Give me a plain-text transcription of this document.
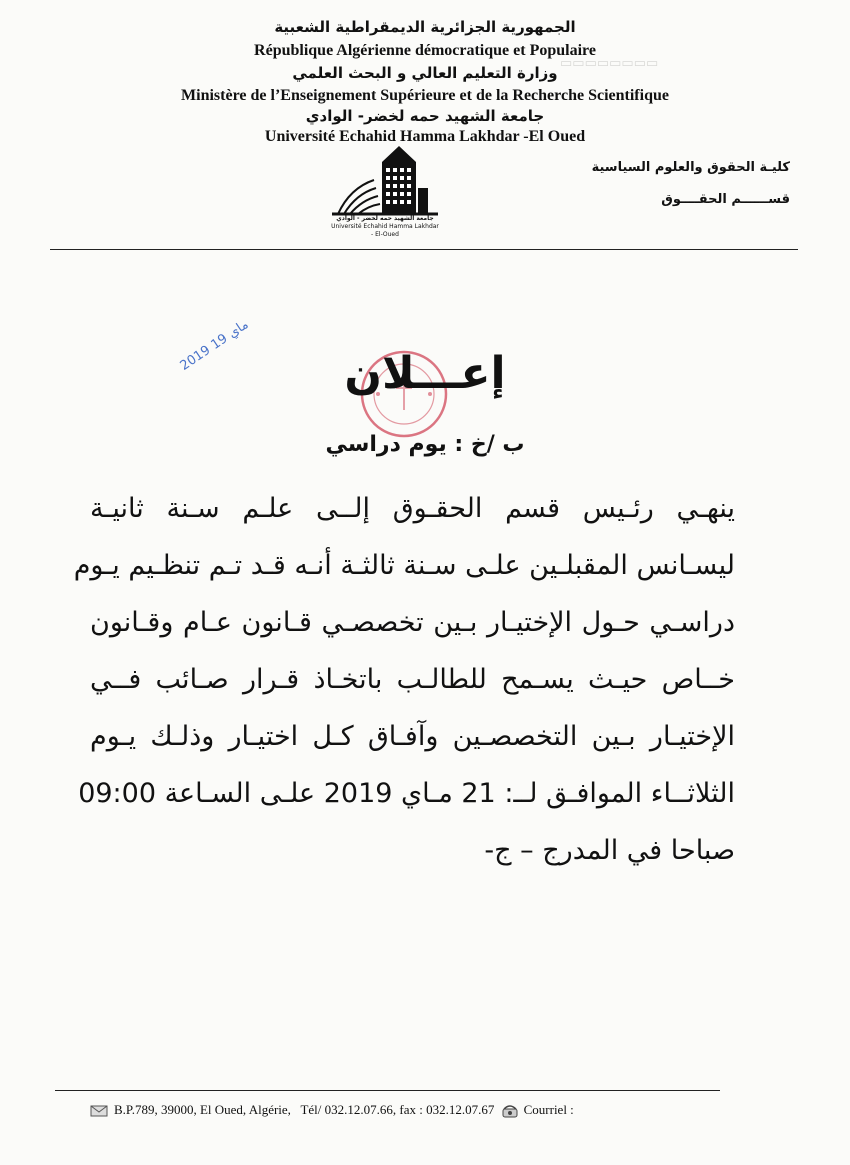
▭▭▭▭▭▭▭▭
الجمهورية الجزائرية الديمقراطية الشعبية
République Algérienne démocratique et Populaire
وزارة التعليم العالي و البحث العلمي
Ministère de l’Enseignement Supérieure et de la Recherche Scientifique
جامعة الشهيد حمه لخضر- الوادي
Université Echahid Hamma Lakhdar -El Oued
كليـة الحقوق والعلوم السياسية
قســــــم الحقــــوق
جامعة الشهيد حمه لخضر - الوادي
Université Echahid Hamma Lakhdar - El-Oued
2019 ماي 19
إعـــلان
ب /خ : يوم دراسي
ينهـي رئـيس قسم الحقـوق إلــى علـم سـنة ثانيـة
ليسـانس المقبلـين علـى سـنة ثالثـة أنـه قـد تـم تنظـيم يـوم
دراسـي حـول الإختيـار بـين تخصصـي قـانون عـام وقـانون
خــاص حيـث يسـمح للطالـب باتخـاذ قـرار صـائب فــي
الإختيـار بـين التخصصـين وآفـاق كـل اختيـار وذلـك يـوم
الثلاثــاء الموافـق لــ: 21 مـاي 2019 علـى السـاعة 09:00
صباحا في المدرج – ج-
B.P.789, 39000, El Oued, Algérie, Tél/ 032.12.07.66, fax : 032.12.07.67 Courriel :
